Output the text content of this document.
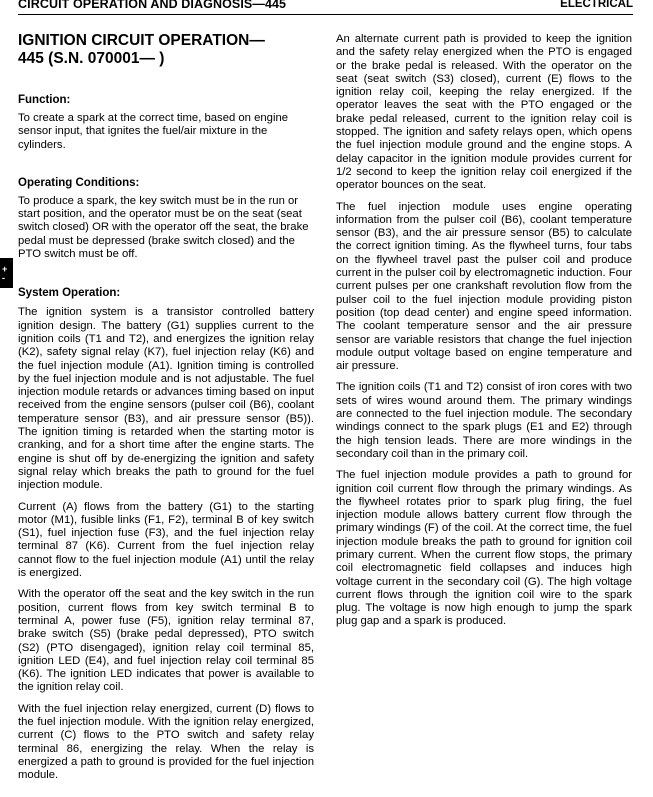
CIRCUIT OPERATION AND DIAGNOSIS—445	ELECTRICAL
+
-
IGNITION CIRCUIT OPERATION—
445 (S.N. 070001— )
Function:

To create a spark at the correct time, based on engine sensor input, that ignites the fuel/air mixture in the cylinders.

Operating Conditions:

To produce a spark, the key switch must be in the run or start position, and the operator must be on the seat (seat switch closed) OR with the operator off the seat, the brake pedal must be depressed (brake switch closed) and the PTO switch must be off.

System Operation:

The ignition system is a transistor controlled battery ignition design. The battery (G1) supplies current to the ignition coils (T1 and T2), and energizes the ignition relay (K2), safety signal relay (K7), fuel injection relay (K6) and the fuel injection module (A1). Ignition timing is controlled by the fuel injection module and is not adjustable. The fuel injection module retards or advances timing based on input received from the engine sensors (pulser coil (B6), coolant temperature sensor (B3), and air pressure sensor (B5)). The ignition timing is retarded when the starting motor is cranking, and for a short time after the engine starts. The engine is shut off by de-energizing the ignition and safety signal relay which breaks the path to ground for the fuel injection module.

Current (A) flows from the battery (G1) to the starting motor (M1), fusible links (F1, F2), terminal B of key switch (S1), fuel injection fuse (F3), and the fuel injection relay terminal 87 (K6). Current from the fuel injection relay cannot flow to the fuel injection module (A1) until the relay is energized.

With the operator off the seat and the key switch in the run position, current flows from key switch terminal B to terminal A, power fuse (F5), ignition relay terminal 87, brake switch (S5) (brake pedal depressed), PTO switch (S2) (PTO disengaged), ignition relay coil terminal 85, ignition LED (E4), and fuel injection relay coil terminal 85 (K6). The ignition LED indicates that power is available to the ignition relay coil.

With the fuel injection relay energized, current (D) flows to the fuel injection module. With the ignition relay energized, current (C) flows to the PTO switch and safety relay terminal 86, energizing the relay. When the relay is energized a path to ground is provided for the fuel injection module.

An alternate current path is provided to keep the ignition and the safety relay energized when the PTO is engaged or the brake pedal is released. With the operator on the seat (seat switch (S3) closed), current (E) flows to the ignition relay coil, keeping the relay energized. If the operator leaves the seat with the PTO engaged or the brake pedal released, current to the ignition relay coil is stopped. The ignition and safety relays open, which opens the fuel injection module ground and the engine stops. A delay capacitor in the ignition module provides current for 1/2 second to keep the ignition relay coil energized if the operator bounces on the seat.

The fuel injection module uses engine operating information from the pulser coil (B6), coolant temperature sensor (B3), and the air pressure sensor (B5) to calculate the correct ignition timing. As the flywheel turns, four tabs on the flywheel travel past the pulser coil and produce current in the pulser coil by electromagnetic induction. Four current pulses per one crankshaft revolution flow from the pulser coil to the fuel injection module providing piston position (top dead center) and engine speed information. The coolant temperature sensor and the air pressure sensor are variable resistors that change the fuel injection module output voltage based on engine temperature and air pressure.

The ignition coils (T1 and T2) consist of iron cores with two sets of wires wound around them. The primary windings are connected to the fuel injection module. The secondary windings connect to the spark plugs (E1 and E2) through the high tension leads. There are more windings in the secondary coil than in the primary coil.

The fuel injection module provides a path to ground for ignition coil current flow through the primary windings. As the flywheel rotates prior to spark plug firing, the fuel injection module allows battery current flow through the primary windings (F) of the coil. At the correct time, the fuel injection module breaks the path to ground for ignition coil primary current. When the current flow stops, the primary coil electromagnetic field collapses and induces high voltage current in the secondary coil (G). The high voltage current flows through the ignition coil wire to the spark plug. The voltage is now high enough to jump the spark plug gap and a spark is produced.
